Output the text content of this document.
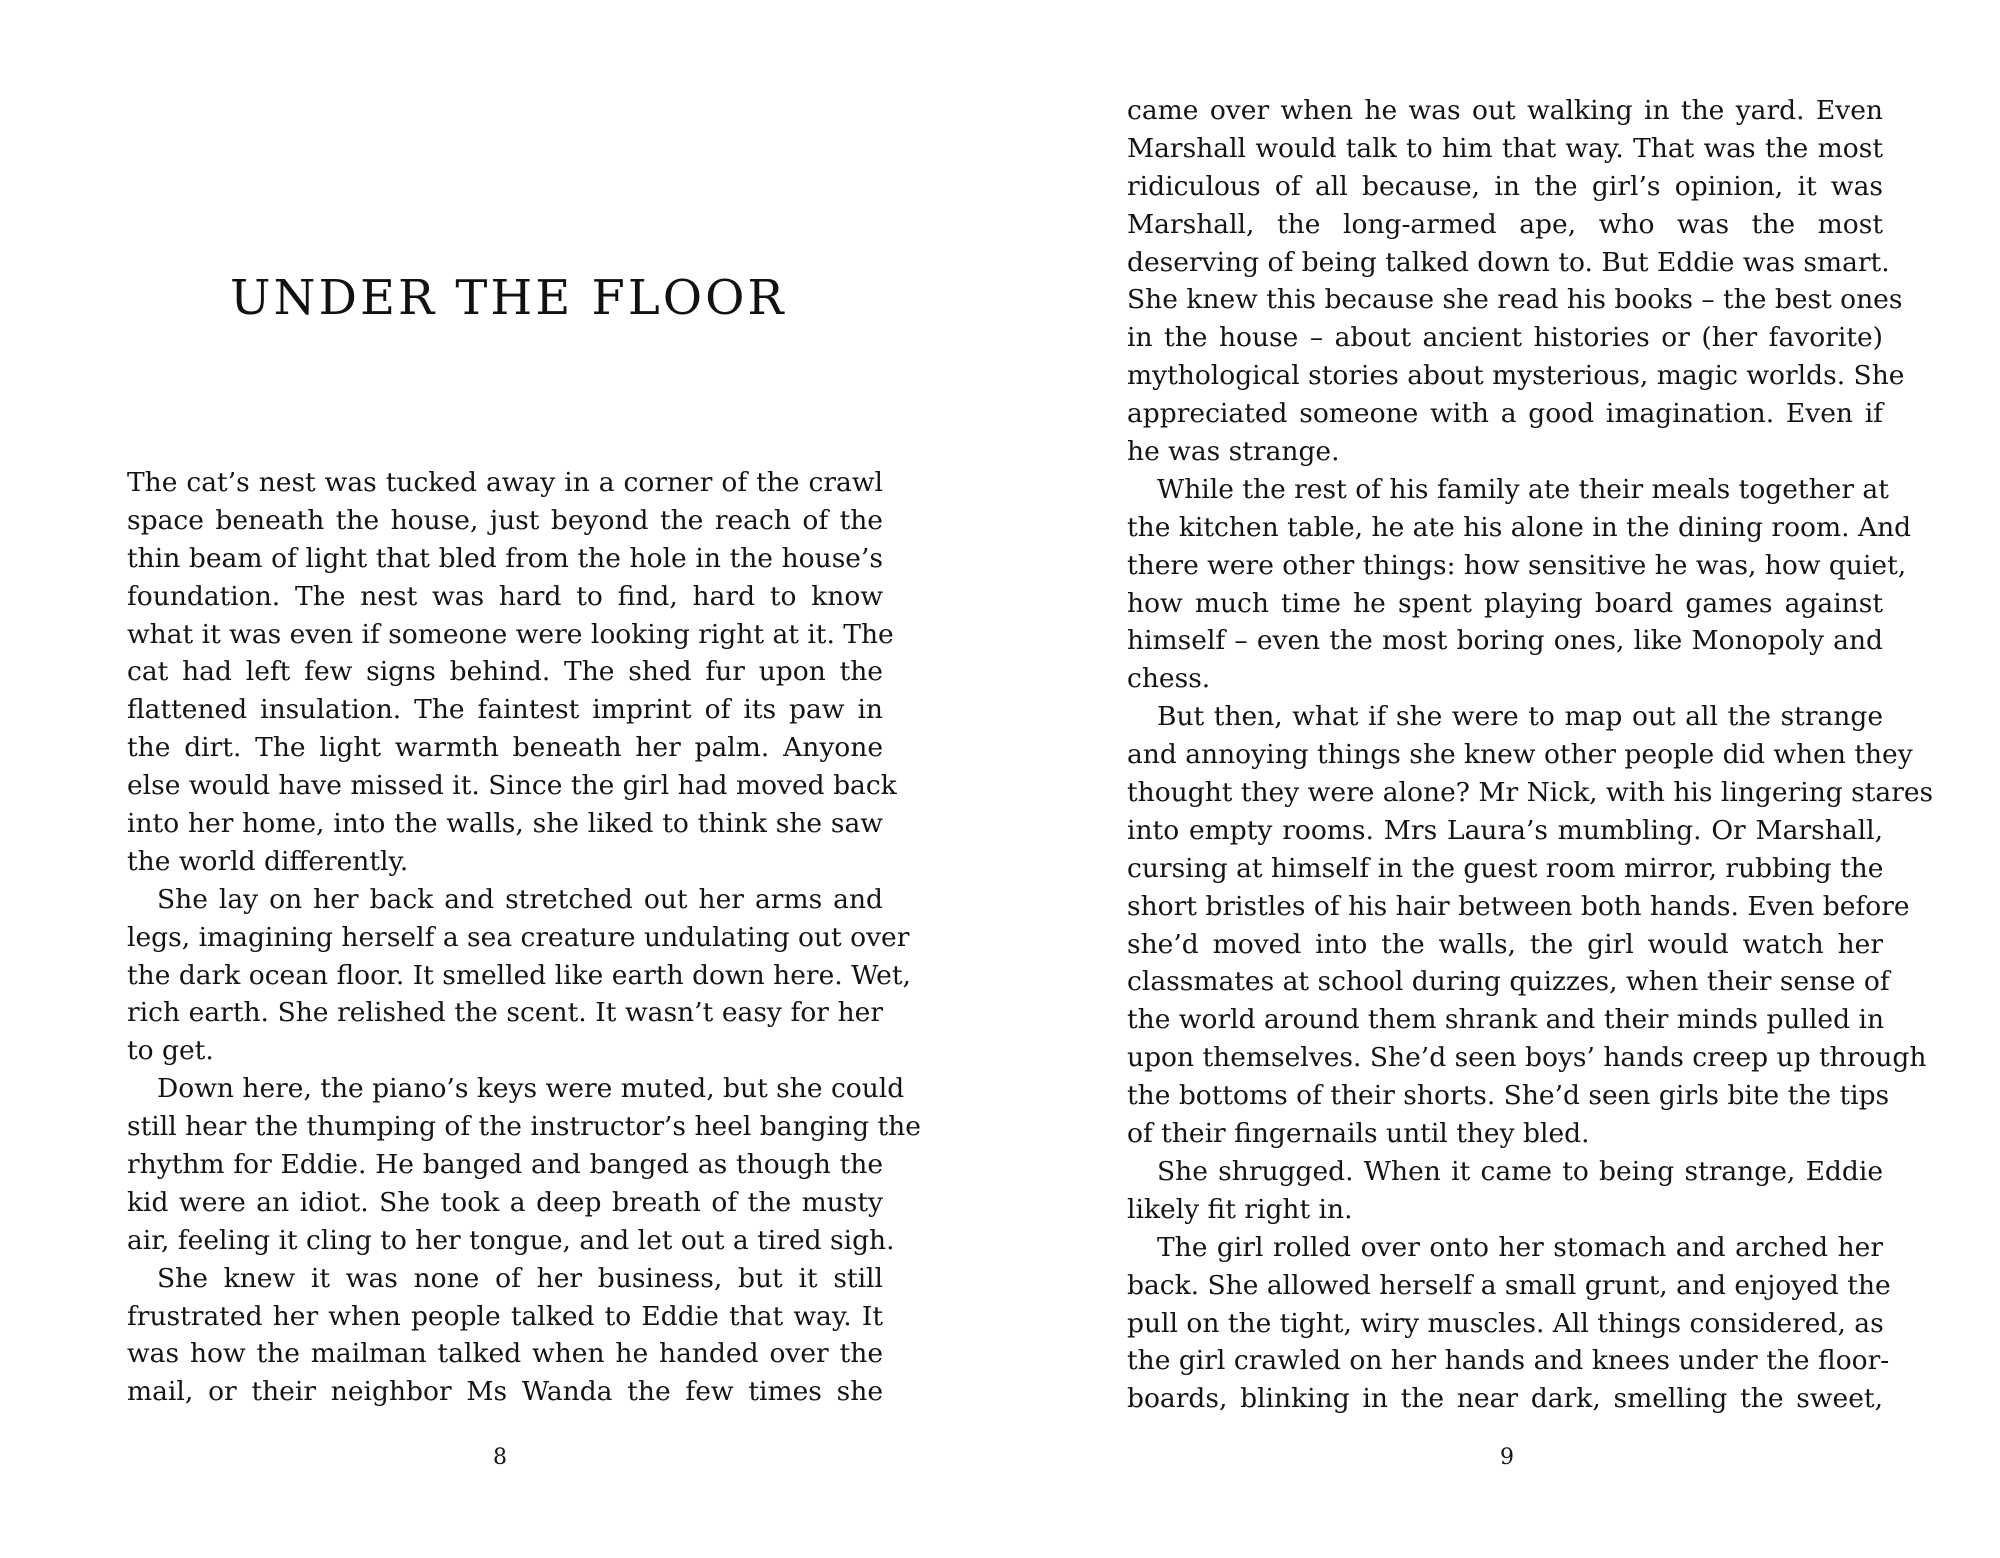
UNDER THE FLOOR
The cat’s nest was tucked away in a corner of the crawl
space beneath the house, just beyond the reach of the
thin beam of light that bled from the hole in the house’s
foundation. The nest was hard to find, hard to know
what it was even if someone were looking right at it. The
cat had left few signs behind. The shed fur upon the
flattened insulation. The faintest imprint of its paw in
the dirt. The light warmth beneath her palm. Anyone
else would have missed it. Since the girl had moved back
into her home, into the walls, she liked to think she saw
the world differently.
She lay on her back and stretched out her arms and
legs, imagining herself a sea creature undulating out over
the dark ocean floor. It smelled like earth down here. Wet,
rich earth. She relished the scent. It wasn’t easy for her
to get.
Down here, the piano’s keys were muted, but she could
still hear the thumping of the instructor’s heel banging the
rhythm for Eddie. He banged and banged as though the
kid were an idiot. She took a deep breath of the musty
air, feeling it cling to her tongue, and let out a tired sigh.
She knew it was none of her business, but it still
frustrated her when people talked to Eddie that way. It
was how the mailman talked when he handed over the
mail, or their neighbor Ms Wanda the few times she
8
came over when he was out walking in the yard. Even
Marshall would talk to him that way. That was the most
ridiculous of all because, in the girl’s opinion, it was
Marshall, the long-armed ape, who was the most
deserving of being talked down to. But Eddie was smart.
She knew this because she read his books – the best ones
in the house – about ancient histories or (her favorite)
mythological stories about mysterious, magic worlds. She
appreciated someone with a good imagination. Even if
he was strange.
While the rest of his family ate their meals together at
the kitchen table, he ate his alone in the dining room. And
there were other things: how sensitive he was, how quiet,
how much time he spent playing board games against
himself – even the most boring ones, like Monopoly and
chess.
But then, what if she were to map out all the strange
and annoying things she knew other people did when they
thought they were alone? Mr Nick, with his lingering stares
into empty rooms. Mrs Laura’s mumbling. Or Marshall,
cursing at himself in the guest room mirror, rubbing the
short bristles of his hair between both hands. Even before
she’d moved into the walls, the girl would watch her
classmates at school during quizzes, when their sense of
the world around them shrank and their minds pulled in
upon themselves. She’d seen boys’ hands creep up through
the bottoms of their shorts. She’d seen girls bite the tips
of their fingernails until they bled.
She shrugged. When it came to being strange, Eddie
likely fit right in.
The girl rolled over onto her stomach and arched her
back. She allowed herself a small grunt, and enjoyed the
pull on the tight, wiry muscles. All things considered, as
the girl crawled on her hands and knees under the floor-
boards, blinking in the near dark, smelling the sweet,
9
